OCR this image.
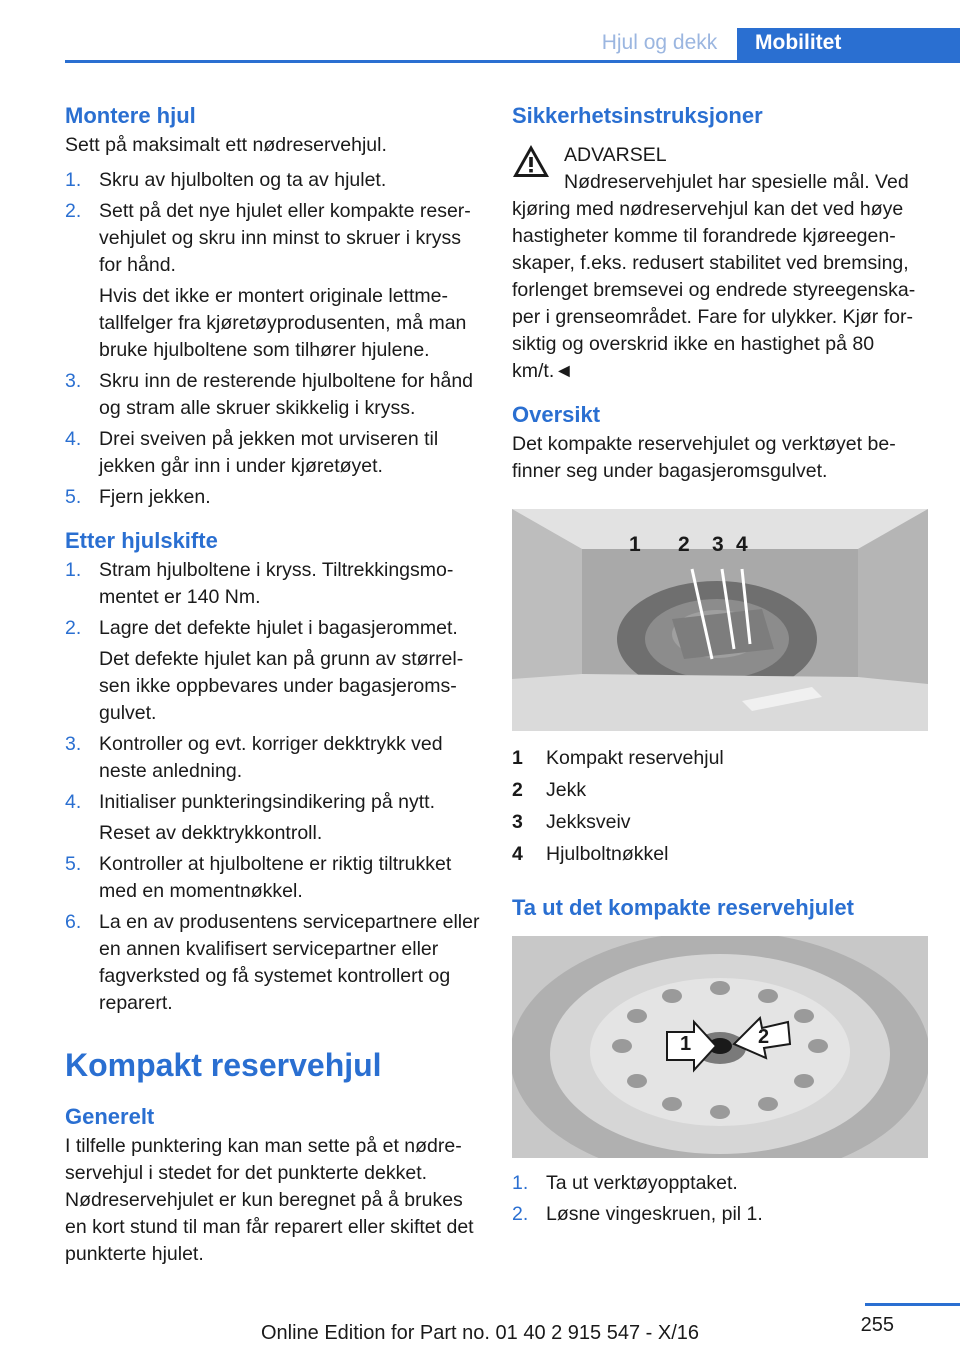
Hjul og dekk	Mobilitet
Montere hjul

Sett på maksimalt ett nødreservehjul.

1. Skru av hjulbolten og ta av hjulet.
2. Sett på det nye hjulet eller kompakte reservehjulet og skru inn minst to skruer i kryss for hånd.
Hvis det ikke er montert originale lettmetallfelger fra kjøretøyprodusenten, må man bruke hjulboltene som tilhører hjulene.
3. Skru inn de resterende hjulboltene for hånd og stram alle skruer skikkelig i kryss.
4. Drei sveiven på jekken mot urviseren til jekken går inn i under kjøretøyet.
5. Fjern jekken.
Etter hjulskifte
1. Stram hjulboltene i kryss. Tiltrekkingsmomentet er 140 Nm.
2. Lagre det defekte hjulet i bagasjerommet.
Det defekte hjulet kan på grunn av størrelsen ikke oppbevares under bagasjeromsgulvet.
3. Kontroller og evt. korriger dekktrykk ved neste anledning.
4. Initialiser punkteringsindikering på nytt.
Reset av dekktrykkontroll.
5. Kontroller at hjulboltene er riktig tiltrukket med en momentnøkkel.
6. La en av produsentens servicepartnere eller en annen kvalifisert servicepartner eller fagverksted og få systemet kontrollert og reparert.
Kompakt reservehjul
Generelt

I tilfelle punktering kan man sette på et nødreservehjul i stedet for det punkterte dekket. Nødreservehjulet er kun beregnet på å brukes en kort stund til man får reparert eller skiftet det punkterte hjulet.

Sikkerhetsinstruksjoner
ADVARSEL
Nødreservehjulet har spesielle mål. Ved

kjøring med nødreservehjul kan det ved høye hastigheter komme til forandrede kjøreegenskaper, f.eks. redusert stabilitet ved bremsing, forlenget bremsevei og endrede styreegenskaper i grenseområdet. Fare for ulykker. Kjør forsiktig og overskrid ikke en hastighet på 80 km/t.◄

Oversikt

Det kompakte reservehjulet og verktøyet befinner seg under bagasjeromsgulvet.

1 2 3 4
1 Kompakt reservehjul
2 Jekk
3 Jekksveiv
4 Hjulboltnøkkel
Ta ut det kompakte reservehjulet
1	2
1. Ta ut verktøyopptaket.
2. Løsne vingeskruen, pil 1.
255
Online Edition for Part no. 01 40 2 915 547 - X/16
